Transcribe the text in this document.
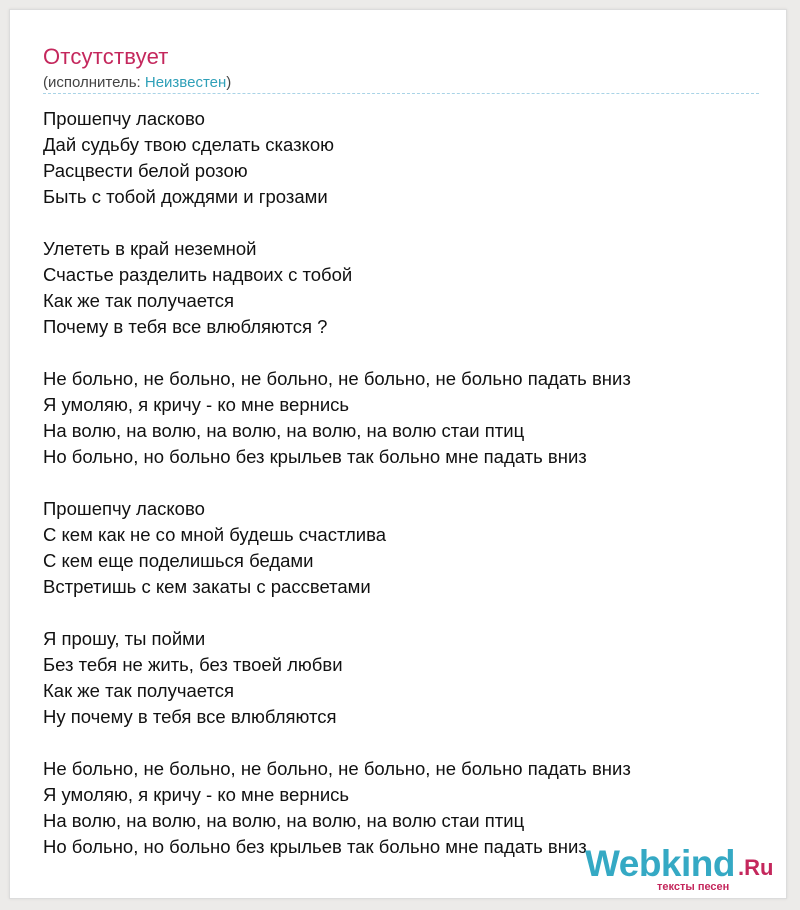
Отсутствует
(исполнитель: Неизвестен)
Прошепчу ласково
Дай судьбу твою сделать сказкою
Расцвести белой розою
Быть с тобой дождями и грозами
Улететь в край неземной
Счастье разделить надвоих с тобой
Как же так получается
Почему в тебя все влюбляются ?
Не больно, не больно, не больно, не больно, не больно падать вниз
Я умоляю, я кричу - ко мне вернись
На волю, на волю, на волю, на волю, на волю стаи птиц
Но больно, но больно без крыльев так больно мне падать вниз
Прошепчу ласково
С кем как не со мной будешь счастлива
С кем еще поделишься бедами
Встретишь с кем закаты с рассветами
Я прошу, ты пойми
Без тебя не жить, без твоей любви
Как же так получается
Ну почему в тебя все влюбляются
Не больно, не больно, не больно, не больно, не больно падать вниз
Я умоляю, я кричу - ко мне вернись
На волю, на волю, на волю, на волю, на волю стаи птиц
Но больно, но больно без крыльев так больно мне падать вниз
Webkind .Ru
тексты песен
